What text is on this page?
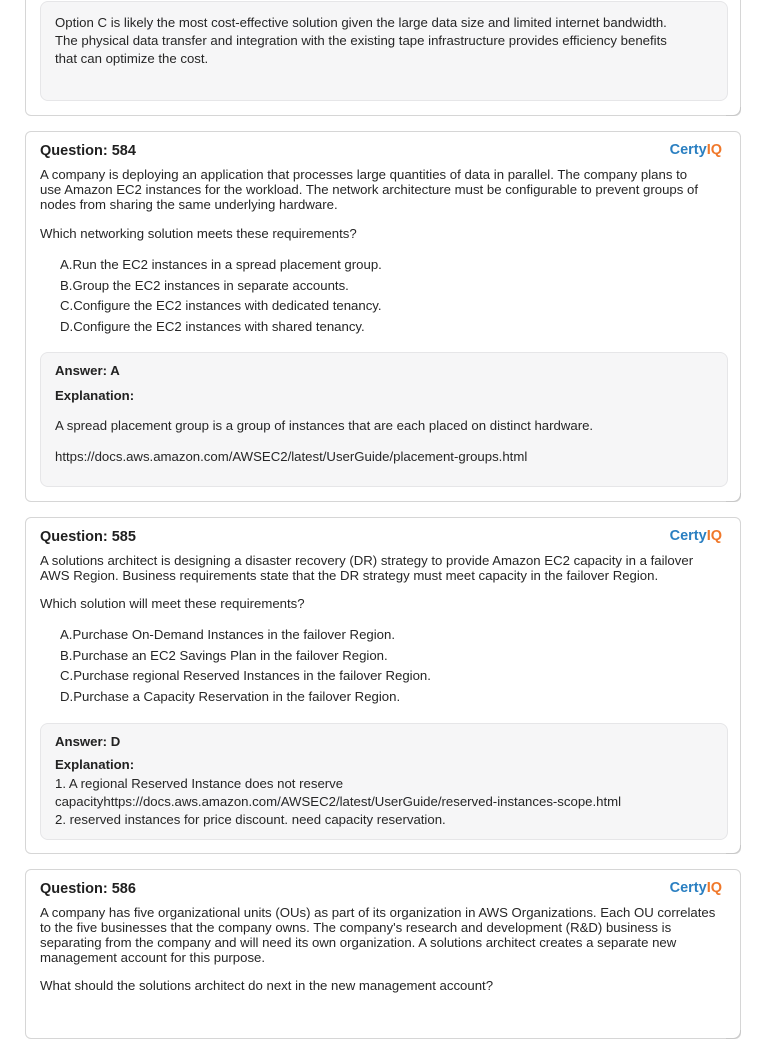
Option C is likely the most cost-effective solution given the large data size and limited internet bandwidth.
The physical data transfer and integration with the existing tape infrastructure provides efficiency benefits
that can optimize the cost.
Question: 584	CertyIQ
A company is deploying an application that processes large quantities of data in parallel. The company plans to
use Amazon EC2 instances for the workload. The network architecture must be configurable to prevent groups of
nodes from sharing the same underlying hardware.
Which networking solution meets these requirements?
A.Run the EC2 instances in a spread placement group.
B.Group the EC2 instances in separate accounts.
C.Configure the EC2 instances with dedicated tenancy.
D.Configure the EC2 instances with shared tenancy.
Answer: A
Explanation:
A spread placement group is a group of instances that are each placed on distinct hardware.
https://docs.aws.amazon.com/AWSEC2/latest/UserGuide/placement-groups.html
Question: 585	CertyIQ
A solutions architect is designing a disaster recovery (DR) strategy to provide Amazon EC2 capacity in a failover
AWS Region. Business requirements state that the DR strategy must meet capacity in the failover Region.
Which solution will meet these requirements?
A.Purchase On-Demand Instances in the failover Region.
B.Purchase an EC2 Savings Plan in the failover Region.
C.Purchase regional Reserved Instances in the failover Region.
D.Purchase a Capacity Reservation in the failover Region.
Answer: D
Explanation:
1. A regional Reserved Instance does not reserve
capacityhttps://docs.aws.amazon.com/AWSEC2/latest/UserGuide/reserved-instances-scope.html
2. reserved instances for price discount. need capacity reservation.
Question: 586	CertyIQ
A company has five organizational units (OUs) as part of its organization in AWS Organizations. Each OU correlates
to the five businesses that the company owns. The company's research and development (R&D) business is
separating from the company and will need its own organization. A solutions architect creates a separate new
management account for this purpose.
What should the solutions architect do next in the new management account?
